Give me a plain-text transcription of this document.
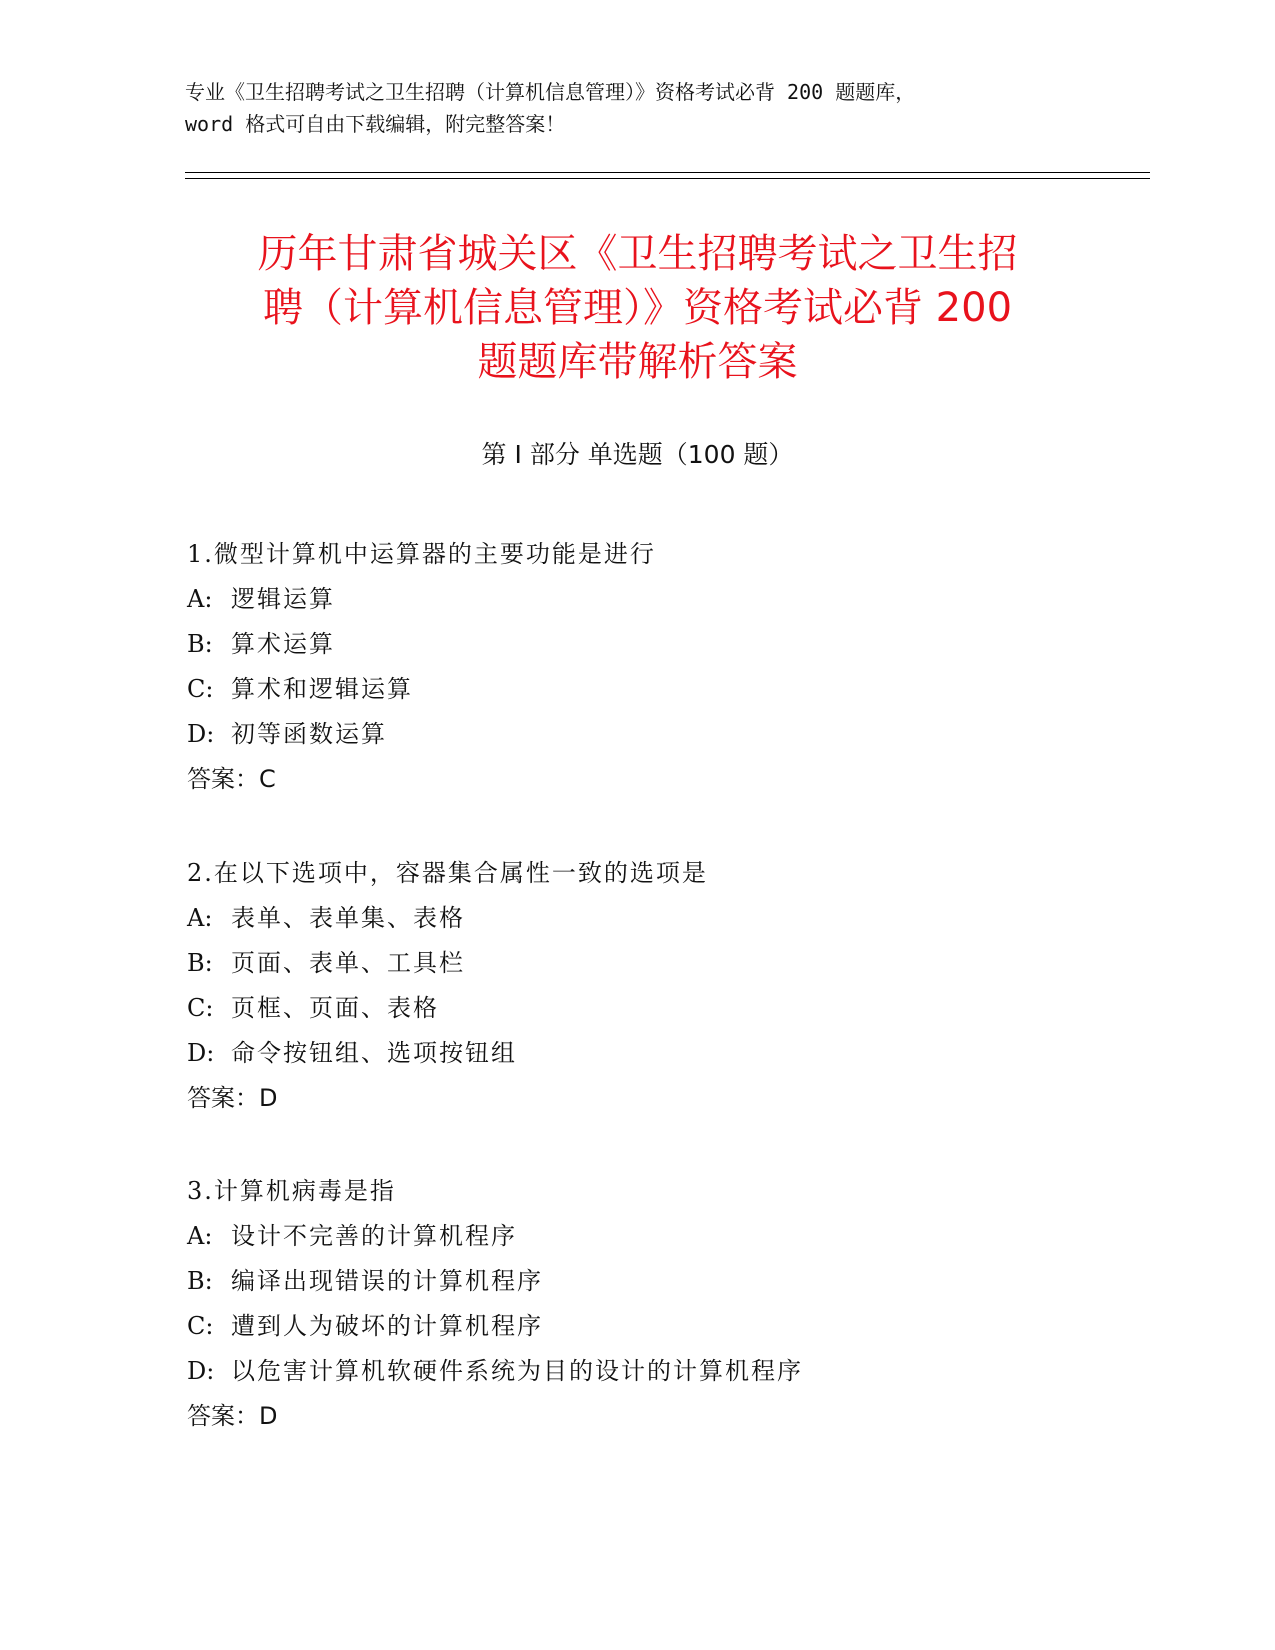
专业《卫生招聘考试之卫生招聘（计算机信息管理）》资格考试必背 200 题题库，

word 格式可自由下载编辑，附完整答案！

历年甘肃省城关区《卫生招聘考试之卫生招
聘（计算机信息管理）》资格考试必背 200
题题库带解析答案
第 I 部分 单选题（100 题）
1.微型计算机中运算器的主要功能是进行
A: 逻辑运算
B: 算术运算
C: 算术和逻辑运算
D: 初等函数运算
答案：C
2.在以下选项中，容器集合属性一致的选项是
A: 表单、表单集、表格
B: 页面、表单、工具栏
C: 页框、页面、表格
D: 命令按钮组、选项按钮组
答案：D
3.计算机病毒是指
A: 设计不完善的计算机程序
B: 编译出现错误的计算机程序
C: 遭到人为破坏的计算机程序
D: 以危害计算机软硬件系统为目的设计的计算机程序
答案：D
